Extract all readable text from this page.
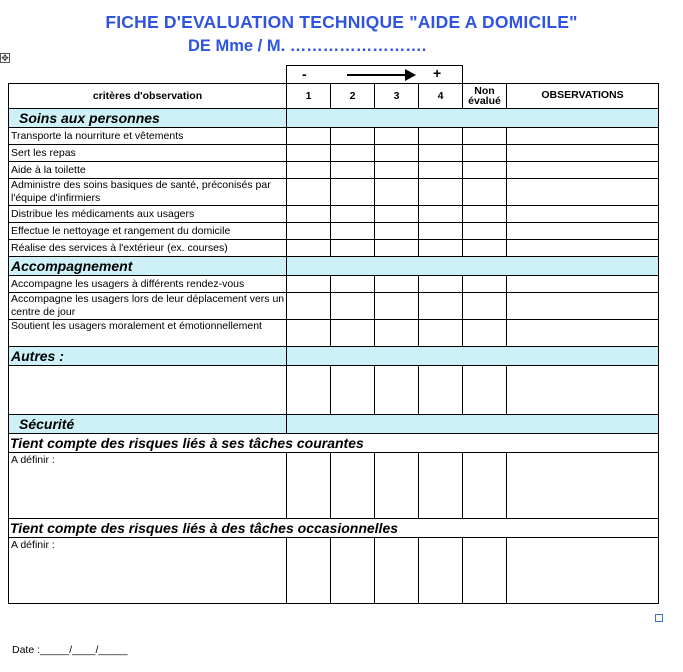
FICHE D'EVALUATION TECHNIQUE "AIDE A DOMICILE"
DE Mme / M. …………………….
✥

	- +					

critères d'observation	1	2	3	4	Non évalué	OBSERVATIONS
Soins aux personnes						
Transporte la nourriture et vêtements						
Sert les repas						
Aide à la toilette						
Administre des soins basiques de santé, préconisés par l'équipe d'infirmiers						
Distribue les médicaments aux usagers						
Effectue le nettoyage et rangement du domicile						
Réalise des services à l'extérieur (ex. courses)						
Accompagnement						
Accompagne les usagers à différents rendez-vous						
Accompagne les usagers lors de leur déplacement vers un centre de jour						
Soutient les usagers moralement et émotionnellement						
Autres :						

Sécurité						
Tient compte des risques liés à ses tâches courantes						
A définir :						
Tient compte des risques liés à des tâches occasionnelles						
A définir :						
Date :_____/____/_____
